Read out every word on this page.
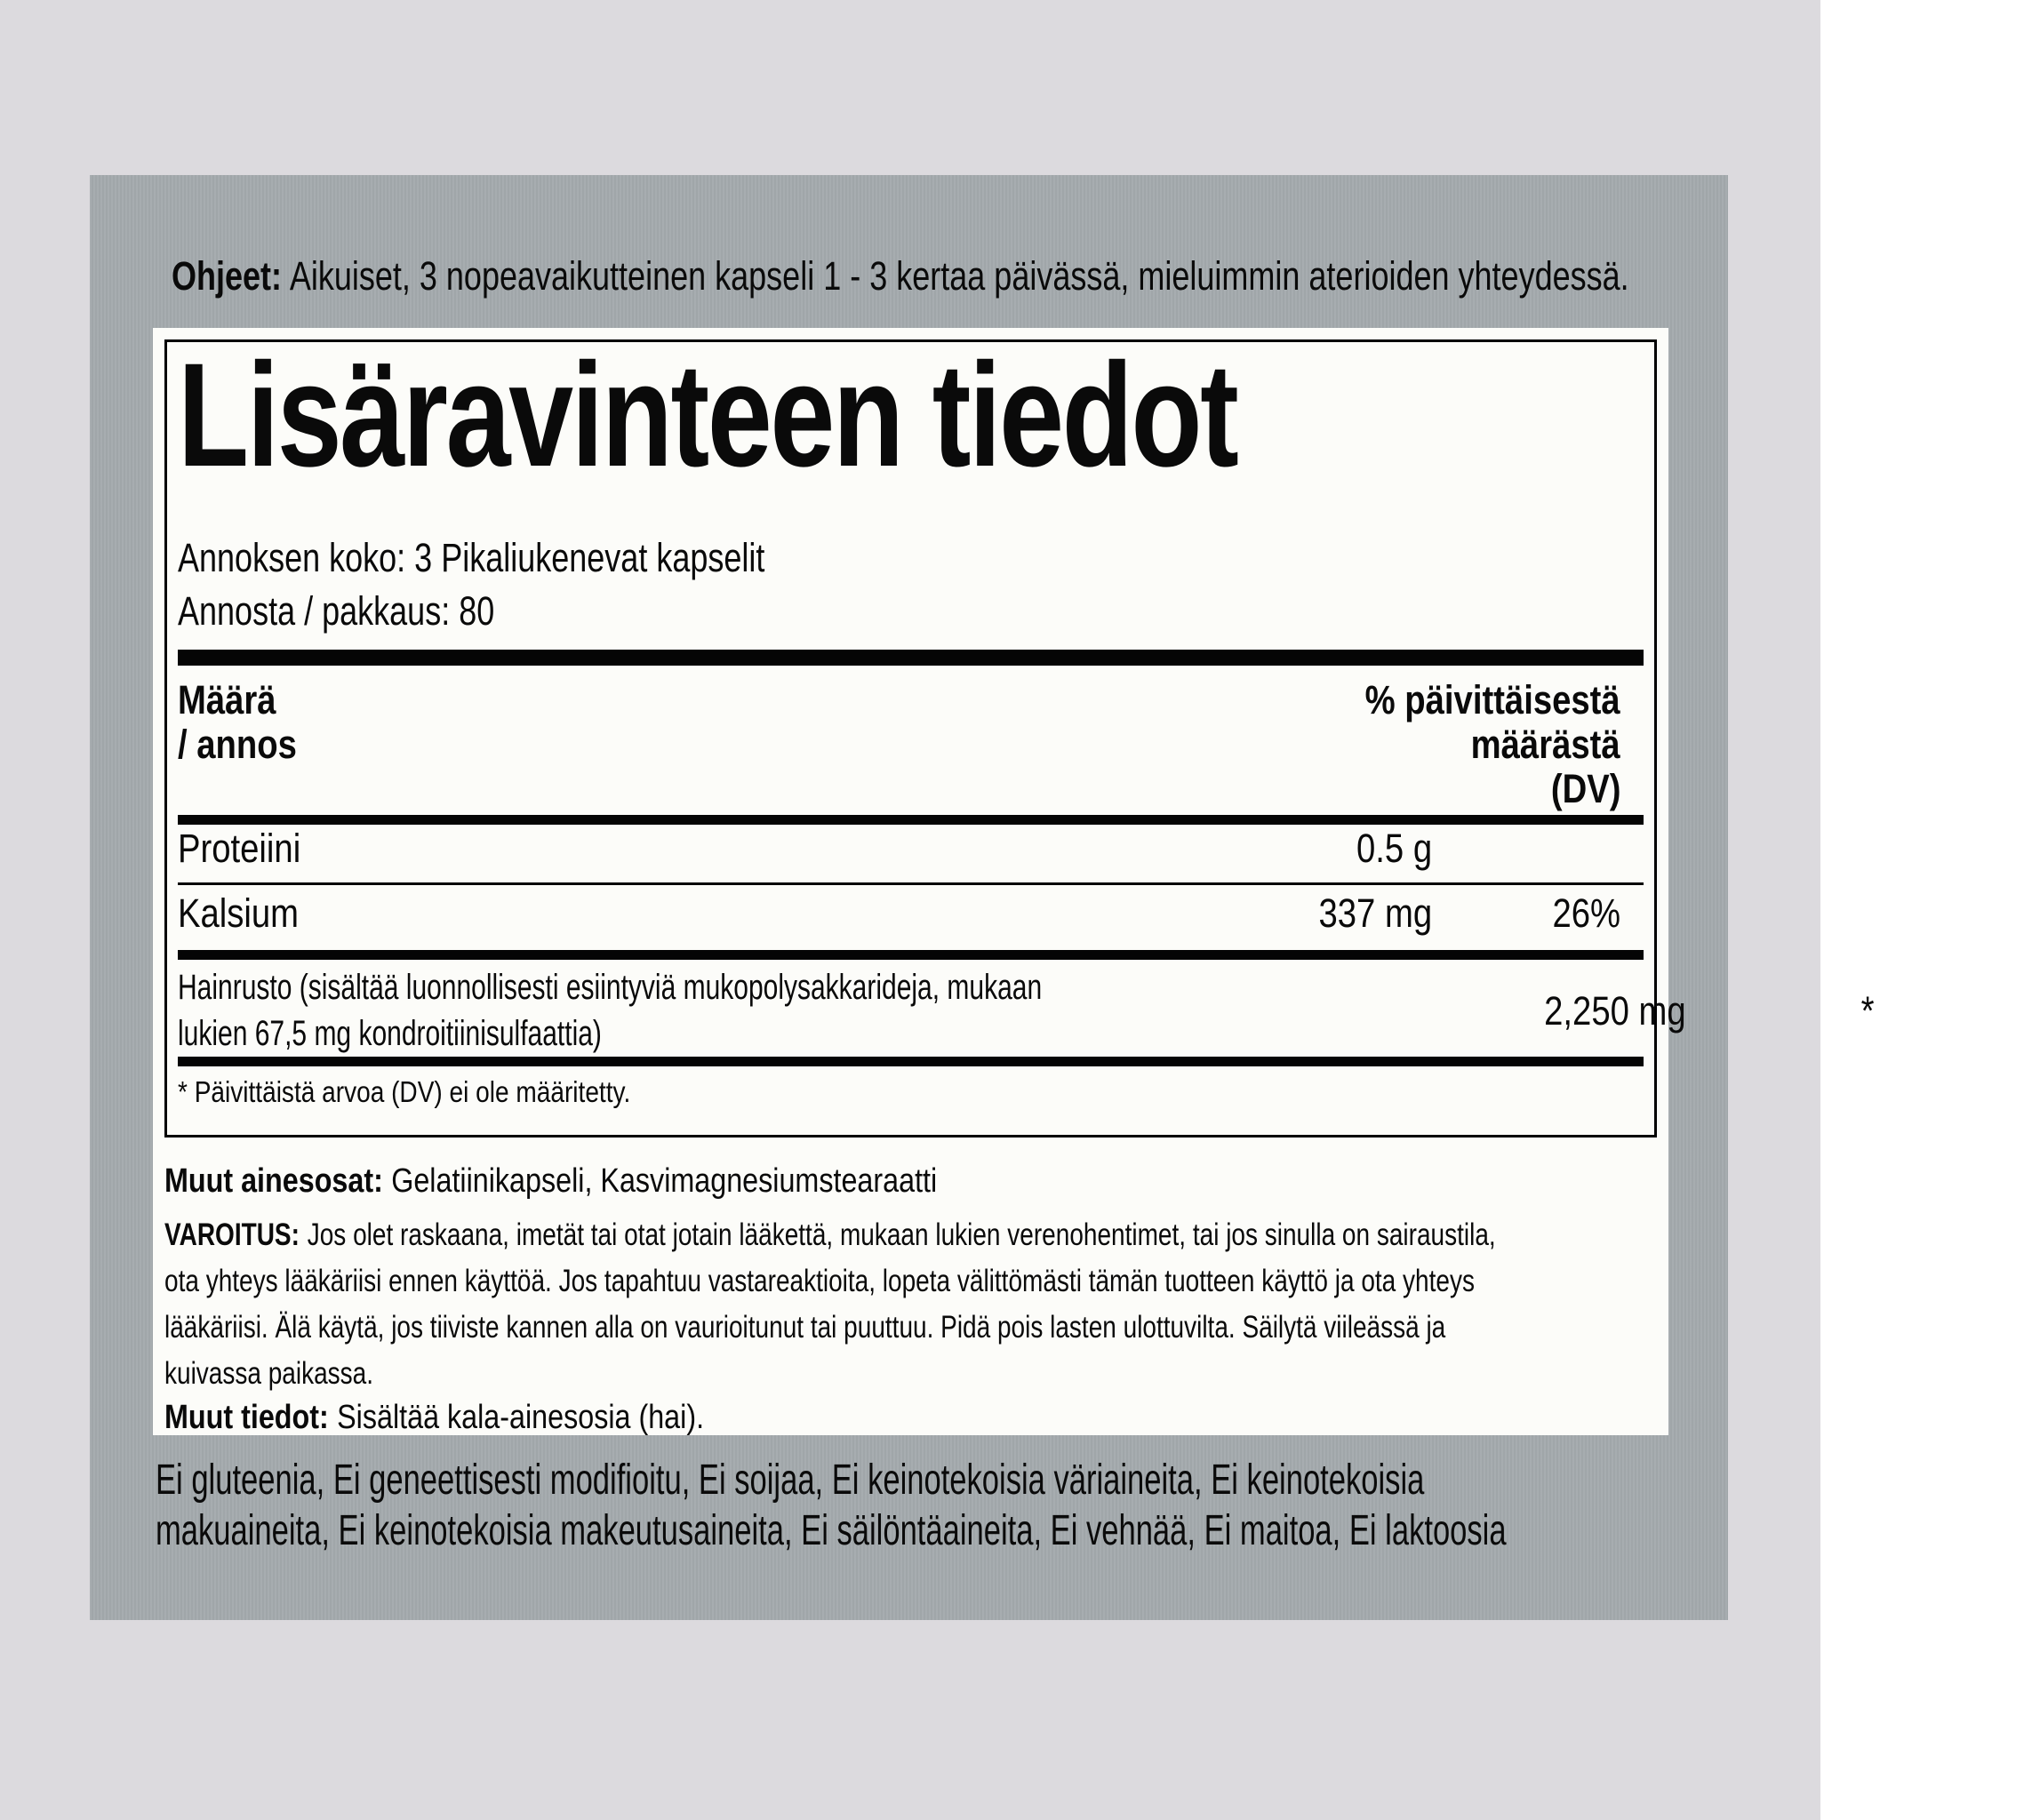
Ohjeet: Aikuiset, 3 nopeavaikutteinen kapseli 1 - 3 kertaa päivässä, mieluimmin aterioiden yhteydessä.
Lisäravinteen tiedot
Annoksen koko: 3 Pikaliukenevat kapselit
Annosta / pakkaus: 80
Määrä
/ annos
% päivittäisestä
määrästä
(DV)
Proteiini	0.5 g
Kalsium	337 mg	26%
Hainrusto (sisältää luonnollisesti esiintyviä mukopolysakkarideja, mukaan
lukien 67,5 mg kondroitiinisulfaattia)
2,250 mg	*
* Päivittäistä arvoa (DV) ei ole määritetty.
Muut ainesosat: Gelatiinikapseli, Kasvimagnesiumstearaatti
VAROITUS: Jos olet raskaana, imetät tai otat jotain lääkettä, mukaan lukien verenohentimet, tai jos sinulla on sairaustila,
ota yhteys lääkäriisi ennen käyttöä. Jos tapahtuu vastareaktioita, lopeta välittömästi tämän tuotteen käyttö ja ota yhteys
lääkäriisi. Älä käytä, jos tiiviste kannen alla on vaurioitunut tai puuttuu. Pidä pois lasten ulottuvilta. Säilytä viileässä ja
kuivassa paikassa.
Muut tiedot: Sisältää kala-ainesosia (hai).
Ei gluteenia, Ei geneettisesti modifioitu, Ei soijaa, Ei keinotekoisia väriaineita, Ei keinotekoisia
makuaineita, Ei keinotekoisia makeutusaineita, Ei säilöntäaineita, Ei vehnää, Ei maitoa, Ei laktoosia
